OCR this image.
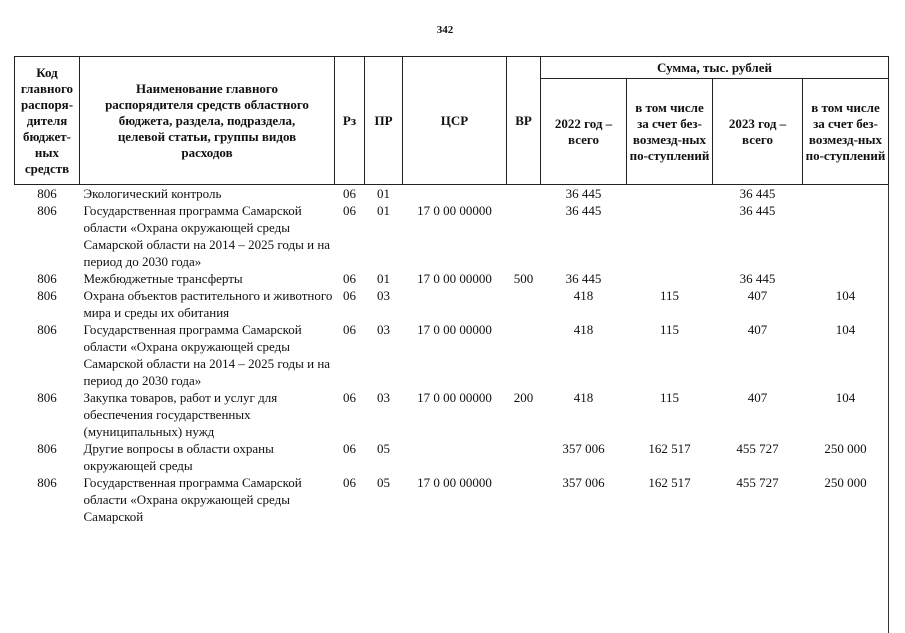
342
Код главного распоря-дителя бюджет-ных средств	Наименование главного распорядителя средств областного бюджета, раздела, подраздела, целевой статьи, группы видов расходов	Рз	ПР	ЦСР	ВР	Сумма, тыс. рублей			
						2022 год – всего	в том числе за счет без-возмезд-ных по-ступлений	2023 год – всего	в том числе за счет без-возмезд-ных по-ступлений
806	Экологический контроль	06	01			36 445		36 445	
806	Государственная программа Самарской области «Охрана окружающей среды Самарской области на 2014 – 2025 годы и на период до 2030 года»	06	01	17 0 00 00000		36 445		36 445	
806	Межбюджетные трансферты	06	01	17 0 00 00000	500	36 445		36 445	
806	Охрана объектов растительного и животного мира и среды их обитания	06	03			418	115	407	104
806	Государственная программа Самарской области «Охрана окружающей среды Самарской области на 2014 – 2025 годы и на период до 2030 года»	06	03	17 0 00 00000		418	115	407	104
806	Закупка товаров, работ и услуг для обеспечения государственных (муниципальных) нужд	06	03	17 0 00 00000	200	418	115	407	104
806	Другие вопросы в области охраны окружающей среды	06	05			357 006	162 517	455 727	250 000
806	Государственная программа Самарской области «Охрана окружающей среды Самарской	06	05	17 0 00 00000		357 006	162 517	455 727	250 000
